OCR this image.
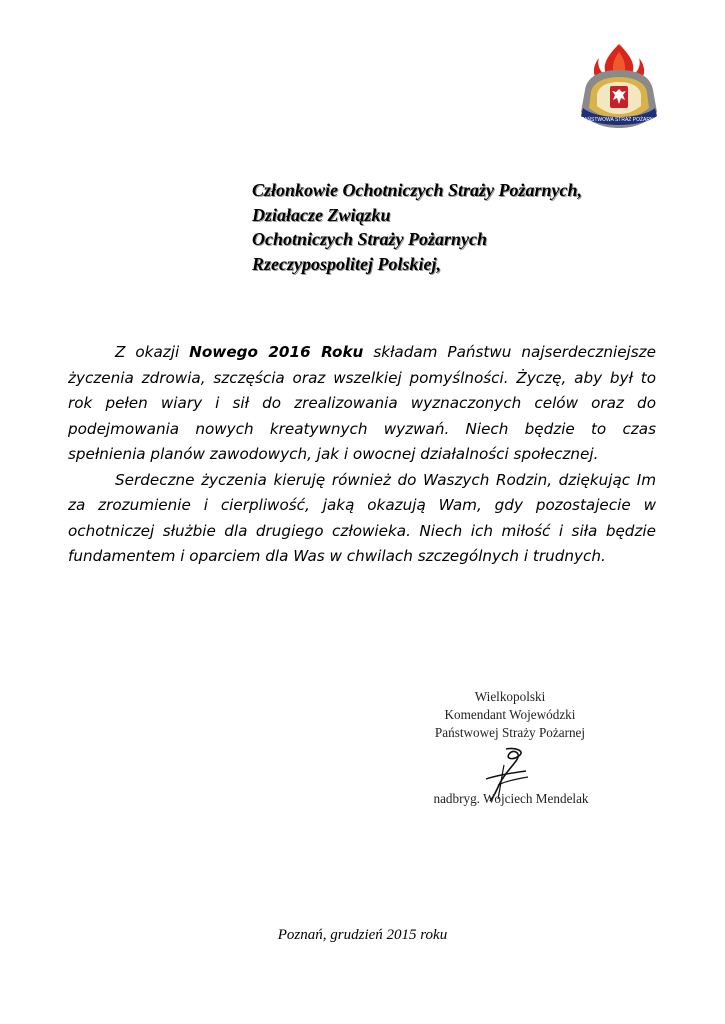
PAŃSTWOWA STRAŻ POŻARNA
Członkowie Ochotniczych Straży Pożarnych,
Działacze Związku
Ochotniczych Straży Pożarnych
Rzeczypospolitej Polskiej,

Z okazji Nowego 2016 Roku składam Państwu najserdeczniejsze życzenia zdrowia, szczęścia oraz wszelkiej pomyślności. Życzę, aby był to rok pełen wiary i sił do zrealizowania wyznaczonych celów oraz do podejmowania nowych kreatywnych wyzwań. Niech będzie to czas spełnienia planów zawodowych, jak i owocnej działalności społecznej.

Serdeczne życzenia kieruję również do Waszych Rodzin, dziękując Im za zrozumienie i cierpliwość, jaką okazują Wam, gdy pozostajecie w ochotniczej służbie dla drugiego człowieka. Niech ich miłość i siła będzie fundamentem i oparciem dla Was w chwilach szczególnych i trudnych.

Wielkopolski
Komendant Wojewódzki
Państwowej Straży Pożarnej
nadbryg. Wojciech Mendelak
Poznań, grudzień 2015 roku
